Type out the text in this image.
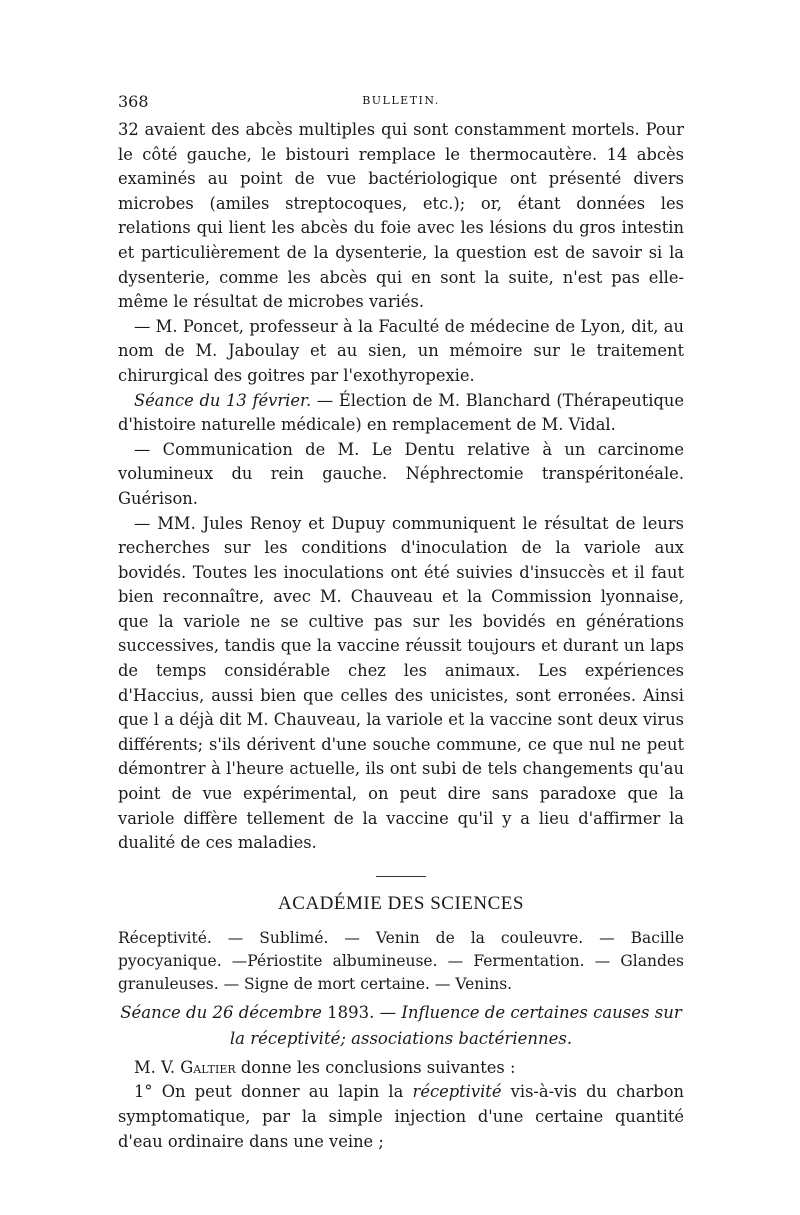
368	BULLETIN.

32 avaient des abcès multiples qui sont constamment mortels. Pour le côté gauche, le bistouri remplace le thermocautère. 14 abcès examinés au point de vue bactériologique ont présenté divers microbes (amiles streptocoques, etc.); or, étant données les relations qui lient les abcès du foie avec les lésions du gros intestin et particulièrement de la dysenterie, la question est de savoir si la dysenterie, comme les abcès qui en sont la suite, n'est pas elle-même le résultat de microbes variés.

— M. Poncet, professeur à la Faculté de médecine de Lyon, dit, au nom de M. Jaboulay et au sien, un mémoire sur le traitement chirurgical des goitres par l'exothyropexie.

Séance du 13 février. — Élection de M. Blanchard (Thérapeutique d'histoire naturelle médicale) en remplacement de M. Vidal.

— Communication de M. Le Dentu relative à un carcinome volumineux du rein gauche. Néphrectomie transpéritonéale. Guérison.

— MM. Jules Renoy et Dupuy communiquent le résultat de leurs recherches sur les conditions d'inoculation de la variole aux bovidés. Toutes les inoculations ont été suivies d'insuccès et il faut bien reconnaître, avec M. Chauveau et la Commission lyonnaise, que la variole ne se cultive pas sur les bovidés en générations successives, tandis que la vaccine réussit toujours et durant un laps de temps considérable chez les animaux. Les expériences d'Haccius, aussi bien que celles des unicistes, sont erronées. Ainsi que l a déjà dit M. Chauveau, la variole et la vaccine sont deux virus différents; s'ils dérivent d'une souche commune, ce que nul ne peut démontrer à l'heure actuelle, ils ont subi de tels changements qu'au point de vue expérimental, on peut dire sans paradoxe que la variole diffère tellement de la vaccine qu'il y a lieu d'affirmer la dualité de ces maladies.

ACADÉMIE DES SCIENCES

Réceptivité. — Sublimé. — Venin de la couleuvre. — Bacille pyocyanique. —Périostite albumineuse. — Fermentation. — Glandes granuleuses. — Signe de mort certaine. — Venins.

Séance du 26 décembre 1893. — Influence de certaines causes sur la réceptivité; associations bactériennes.

M. V. Galtier donne les conclusions suivantes :

1° On peut donner au lapin la réceptivité vis-à-vis du charbon symptomatique, par la simple injection d'une certaine quantité d'eau ordinaire dans une veine ;
